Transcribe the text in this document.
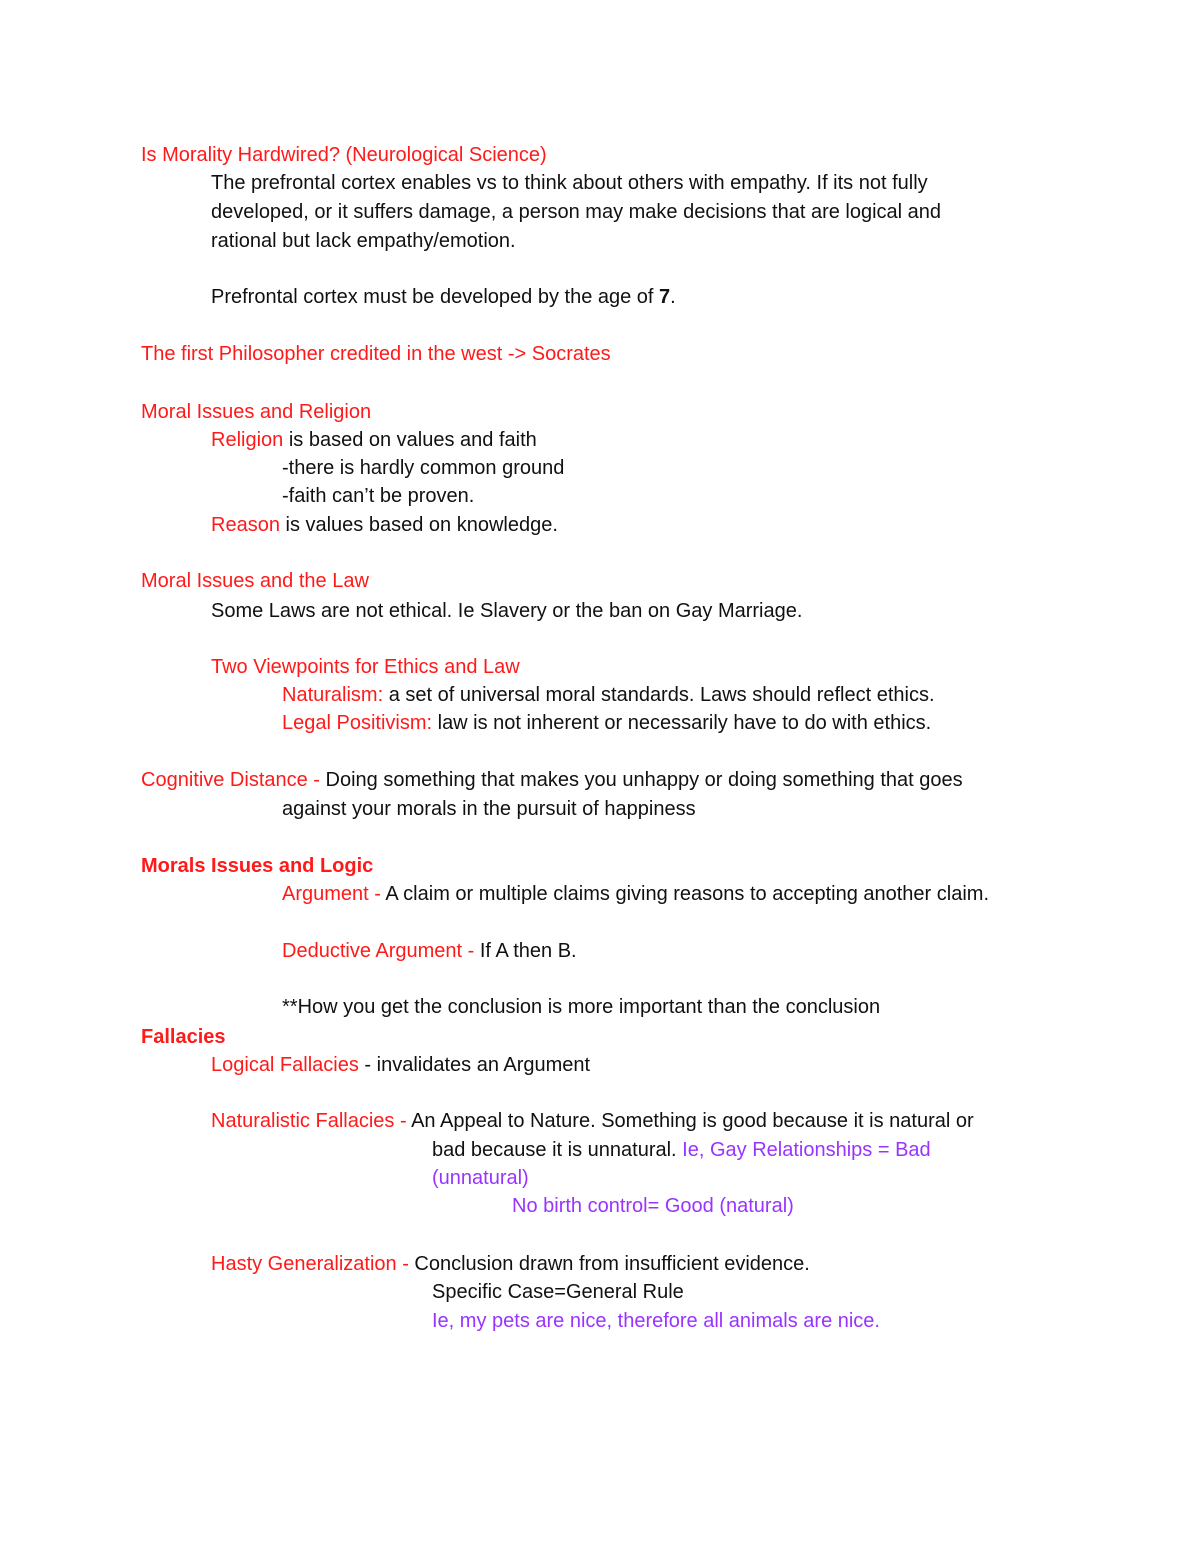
Is Morality Hardwired? (Neurological Science)
The prefrontal cortex enables vs to think about others with empathy. If its not fully
developed, or it suffers damage, a person may make decisions that are logical and
rational but lack empathy/emotion.
Prefrontal cortex must be developed by the age of 7.
The first Philosopher credited in the west -> Socrates
Moral Issues and Religion
Religion is based on values and faith
-there is hardly common ground
-faith can’t be proven.
Reason is values based on knowledge.
Moral Issues and the Law
Some Laws are not ethical. Ie Slavery or the ban on Gay Marriage.
Two Viewpoints for Ethics and Law
Naturalism: a set of universal moral standards. Laws should reflect ethics.
Legal Positivism: law is not inherent or necessarily have to do with ethics.
Cognitive Distance - Doing something that makes you unhappy or doing something that goes
against your morals in the pursuit of happiness
Morals Issues and Logic
Argument - A claim or multiple claims giving reasons to accepting another claim.
Deductive Argument - If A then B.
**How you get the conclusion is more important than the conclusion
Fallacies
Logical Fallacies - invalidates an Argument
Naturalistic Fallacies - An Appeal to Nature. Something is good because it is natural or
bad because it is unnatural. Ie, Gay Relationships = Bad
(unnatural)
No birth control= Good (natural)
Hasty Generalization - Conclusion drawn from insufficient evidence.
Specific Case=General Rule
Ie, my pets are nice, therefore all animals are nice.
